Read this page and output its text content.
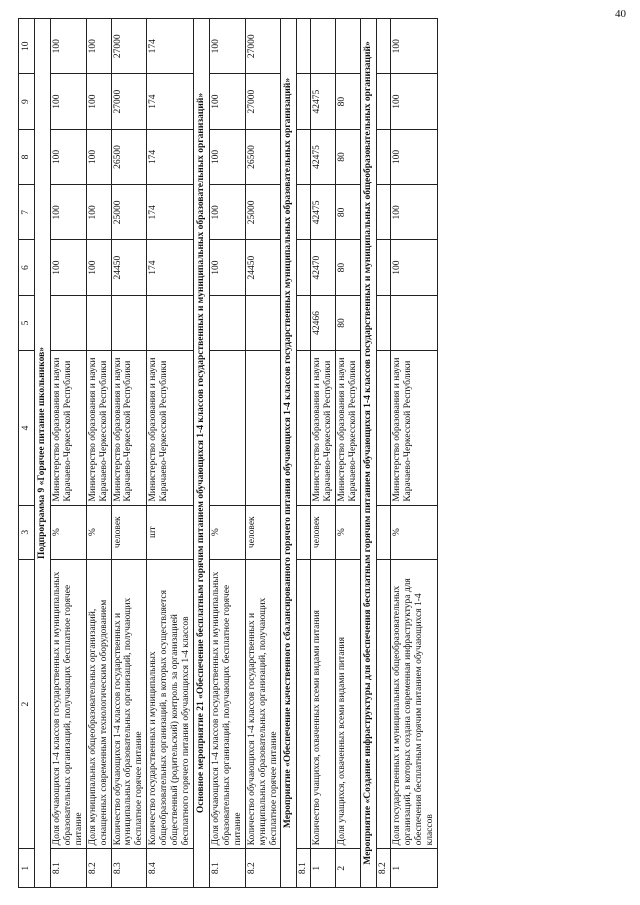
40
1	2	3	4	5	6	7	8	9	10
Подпрограмма 9 «Горячее питание школьников»									
8.1	Доля обучающихся 1-4 классов государственных и муниципальных образовательных организаций, получающих бесплатное горячее питание	%	Министерство образования и науки Карачаево-Черкесской Республики		100	100	100	100	100
8.2	Доля муниципальных общеобразовательных организаций, оснащенных современным технологическим оборудованием	%	Министерство образования и науки Карачаево-Черкесской Республики		100	100	100	100	100
8.3	Количество обучающихся 1-4 классов государственных и муниципальных образовательных организаций, получающих бесплатное горячее питание	человек	Министерство образования и науки Карачаево-Черкесской Республики		24450	25000	26500	27000	27000
8.4	Количество государственных и муниципальных общеобразовательных организаций, в которых осуществляется общественный (родительский) контроль за организацией бесплатного горячего питания обучающихся 1-4 классов	шт	Министерство образования и науки Карачаево-Черкесской Республики		174	174	174	174	174
Основное мероприятие 21 «Обеспечение бесплатным горячим питанием обучающихся 1-4 классов государственных и муниципальных образовательных организаций»									
8.1	Доля обучающихся 1-4 классов государственных и муниципальных образовательных организаций, получающих бесплатное горячее питание	%			100	100	100	100	100
8.2	Количество обучающихся 1-4 классов государственных и муниципальных образовательных организаций, получающих бесплатное горячее питание	человек			24450	25000	26500	27000	27000
Мероприятие «Обеспечение качественного сбалансированного горячего питания обучающихся 1-4 классов государственных муниципальных образовательных организаций»									
8.1									
1	Количество учащихся, охваченных всеми видами питания	человек	Министерство образования и науки Карачаево-Черкесской Республики	42466	42470	42475	42475	42475	
2	Доля учащихся, охваченных всеми видами питания	%	Министерство образования и науки Карачаево-Черкесской Республики	80	80	80	80	80	
Мероприятие «Создание инфраструктуры для обеспечения бесплатным горячим питанием обучающихся 1-4 классов государственных и муниципальных общеобразовательных организаций»									
8.2									
1	Доля государственных и муниципальных общеобразовательных организаций, в которых создана современная инфраструктура для обеспечения бесплатным горячим питанием обучающихся 1-4 классов	%	Министерство образования и науки Карачаево-Черкесской Республики		100	100	100	100	100
